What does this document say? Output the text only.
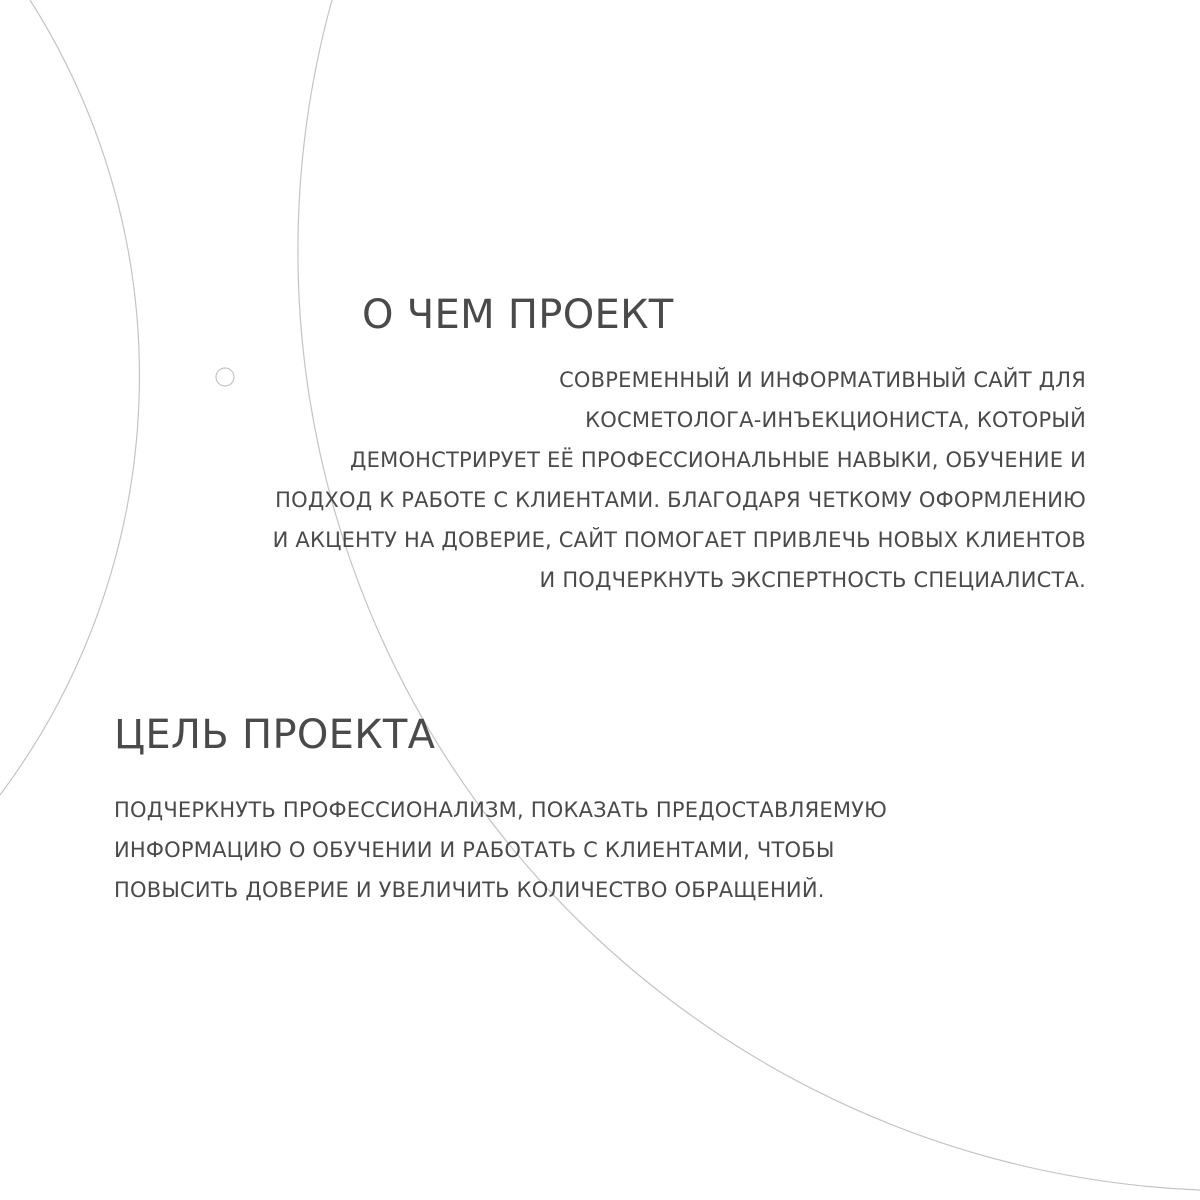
О ЧЕМ ПРОЕКТ
СОВРЕМЕННЫЙ И ИНФОРМАТИВНЫЙ САЙТ ДЛЯ
КОСМЕТОЛОГА-ИНЪЕКЦИОНИСТА, КОТОРЫЙ
ДЕМОНСТРИРУЕТ ЕЁ ПРОФЕССИОНАЛЬНЫЕ НАВЫКИ, ОБУЧЕНИЕ И
ПОДХОД К РАБОТЕ С КЛИЕНТАМИ. БЛАГОДАРЯ ЧЕТКОМУ ОФОРМЛЕНИЮ
И АКЦЕНТУ НА ДОВЕРИЕ, САЙТ ПОМОГАЕТ ПРИВЛЕЧЬ НОВЫХ КЛИЕНТОВ
И ПОДЧЕРКНУТЬ ЭКСПЕРТНОСТЬ СПЕЦИАЛИСТА.
ЦЕЛЬ ПРОЕКТА
ПОДЧЕРКНУТЬ ПРОФЕССИОНАЛИЗМ, ПОКАЗАТЬ ПРЕДОСТАВЛЯЕМУЮ
ИНФОРМАЦИЮ О ОБУЧЕНИИ И РАБОТАТЬ С КЛИЕНТАМИ, ЧТОБЫ
ПОВЫСИТЬ ДОВЕРИЕ И УВЕЛИЧИТЬ КОЛИЧЕСТВО ОБРАЩЕНИЙ.
